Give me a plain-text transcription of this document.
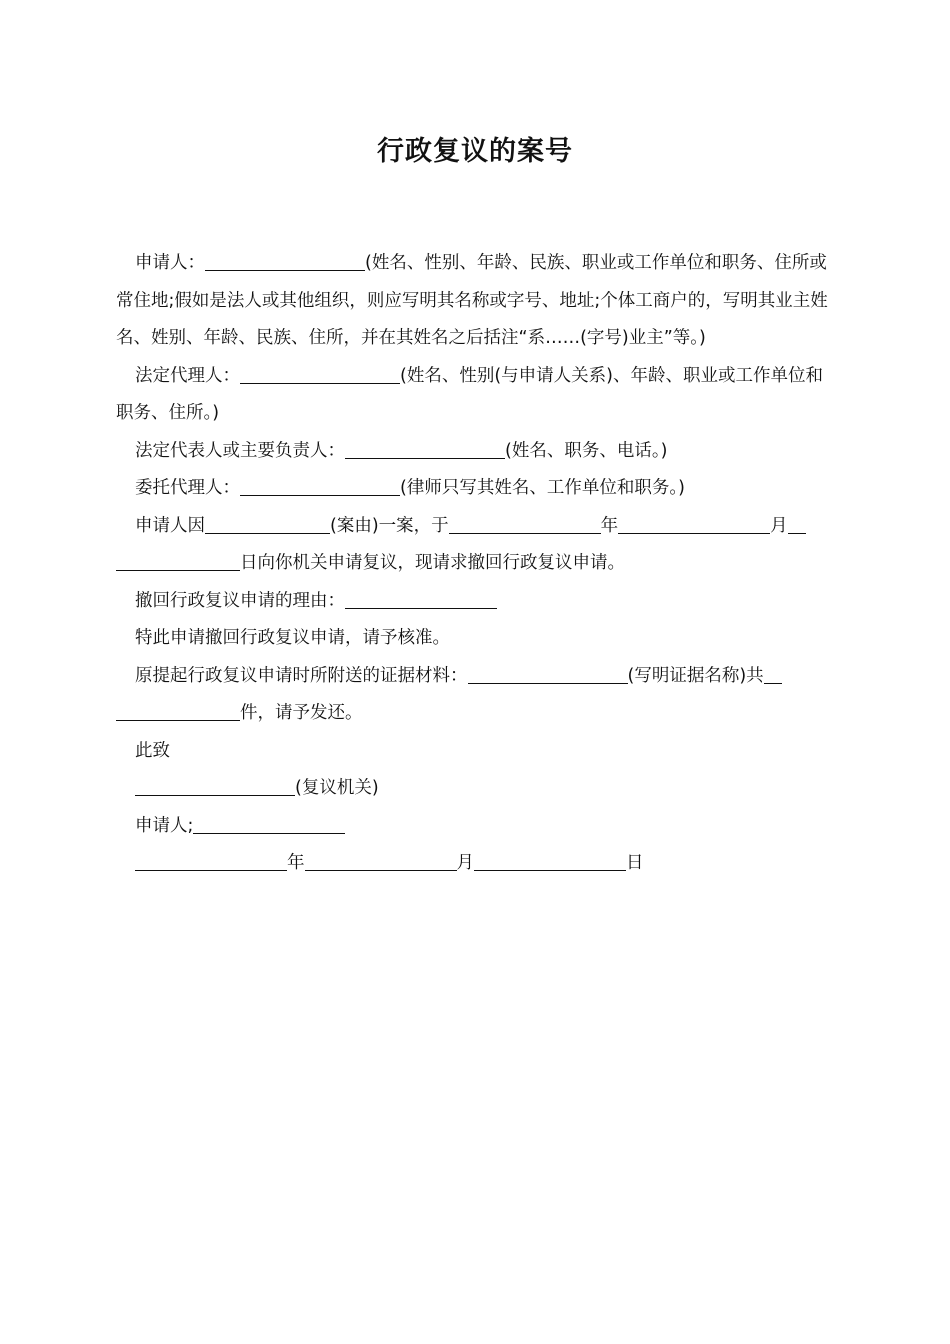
行政复议的案号

申请人：	(姓名、性别、年龄、民族、职业或工作单位和职务、住所或常住地;假如是法人或其他组织，则应写明其名称或字号、地址;个体工商户的，写明其业主姓名、姓别、年龄、民族、住所，并在其姓名之后括注“系……(字号)业主”等。)

法定代理人：	(姓名、性别(与申请人关系)、年龄、职业或工作单位和职务、住所。)

法定代表人或主要负责人：	(姓名、职务、电话。)

委托代理人：	(律师只写其姓名、工作单位和职务。)

申请人因	(案由)一案，于	年	月日向你机关申请复议，现请求撤回行政复议申请。

撤回行政复议申请的理由：

特此申请撤回行政复议申请，请予核准。

原提起行政复议申请时所附送的证据材料：	(写明证据名称)共件，请予发还。

此致

(复议机关)

申请人;

年	月	日
